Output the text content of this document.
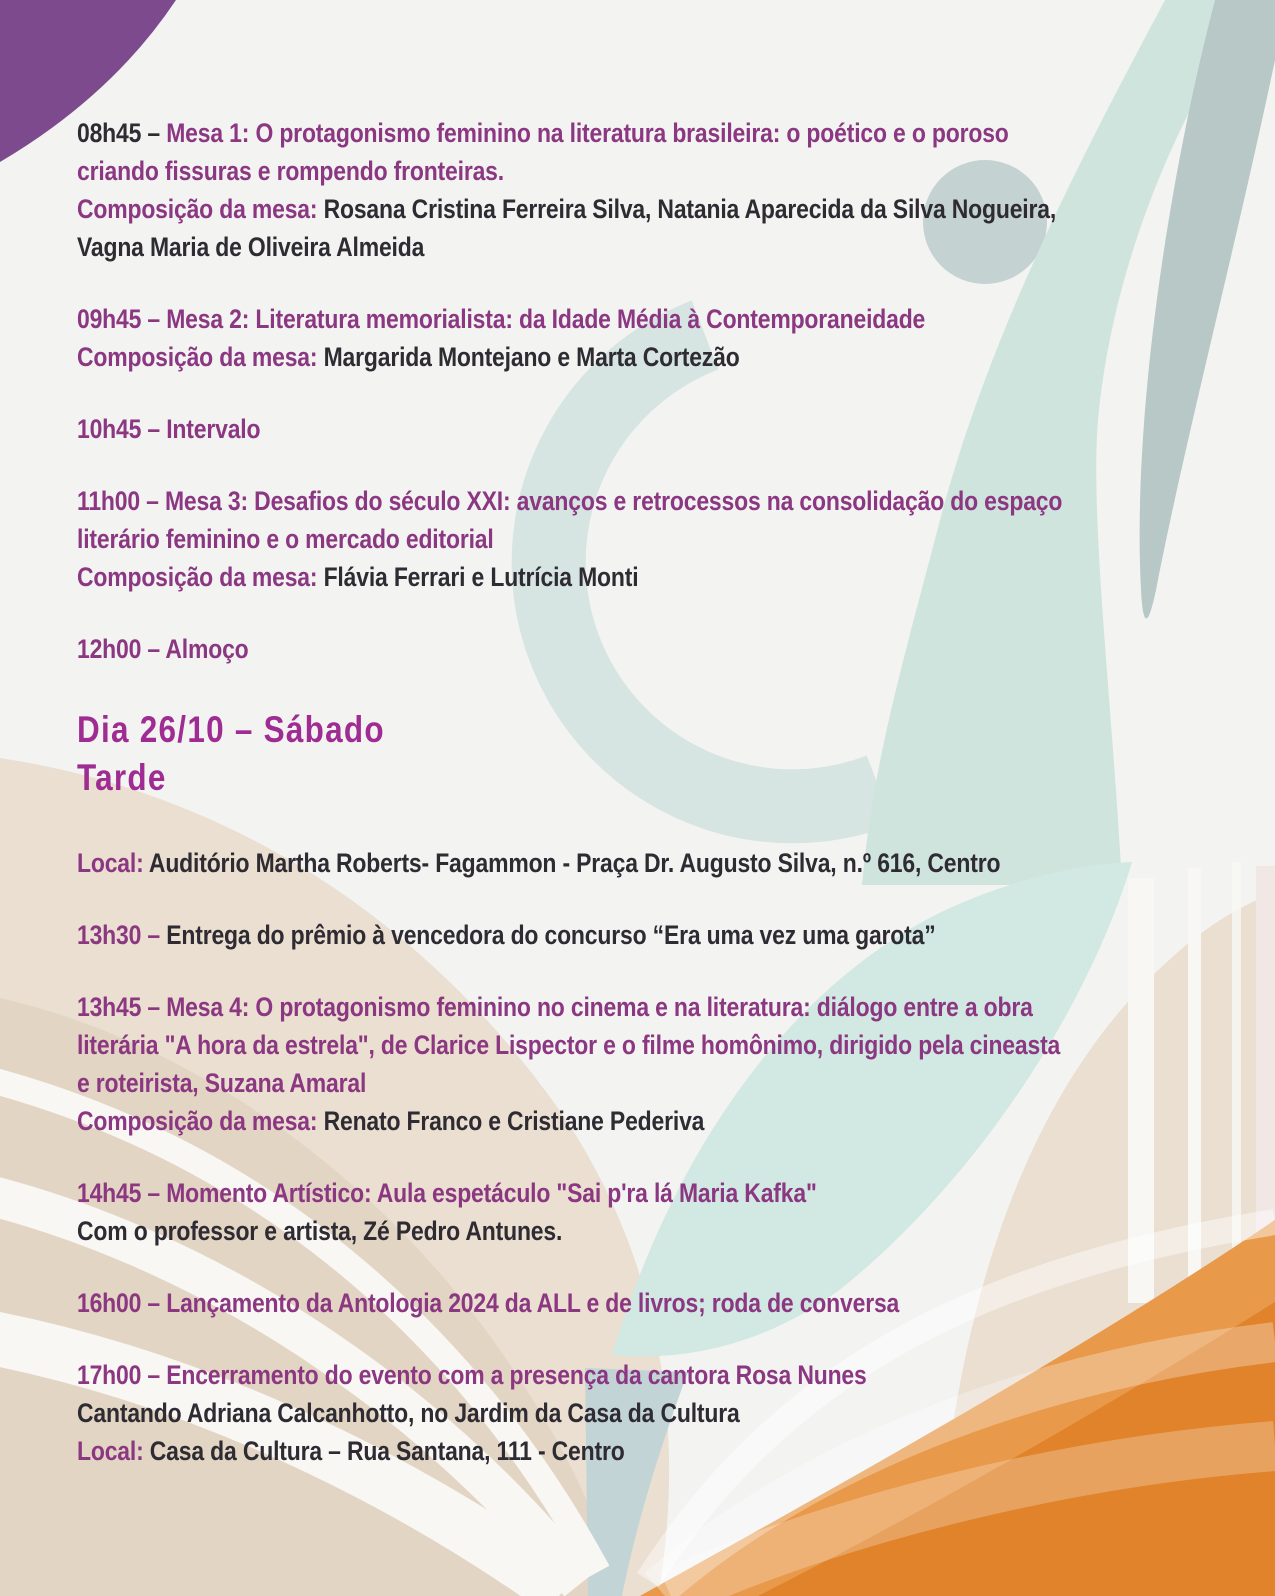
08h45 – Mesa 1: O protagonismo feminino na literatura brasileira: o poético e o poroso
criando fissuras e rompendo fronteiras.
Composição da mesa: Rosana Cristina Ferreira Silva, Natania Aparecida da Silva Nogueira,
Vagna Maria de Oliveira Almeida
09h45 – Mesa 2: Literatura memorialista: da Idade Média à Contemporaneidade
Composição da mesa: Margarida Montejano e Marta Cortezão
10h45 – Intervalo
11h00 – Mesa 3: Desafios do século XXI: avanços e retrocessos na consolidação do espaço
literário feminino e o mercado editorial
Composição da mesa: Flávia Ferrari e Lutrícia Monti
12h00 – Almoço
Dia 26/10 – Sábado
Tarde
Local: Auditório Martha Roberts- Fagammon - Praça Dr. Augusto Silva, n.º 616, Centro
13h30 – Entrega do prêmio à vencedora do concurso “Era uma vez uma garota”
13h45 – Mesa 4: O protagonismo feminino no cinema e na literatura: diálogo entre a obra
literária "A hora da estrela", de Clarice Lispector e o filme homônimo, dirigido pela cineasta
e roteirista, Suzana Amaral
Composição da mesa: Renato Franco e Cristiane Pederiva
14h45 – Momento Artístico: Aula espetáculo "Sai p'ra lá Maria Kafka"
Com o professor e artista, Zé Pedro Antunes.
16h00 – Lançamento da Antologia 2024 da ALL e de livros; roda de conversa
17h00 – Encerramento do evento com a presença da cantora Rosa Nunes
Cantando Adriana Calcanhotto, no Jardim da Casa da Cultura
Local: Casa da Cultura – Rua Santana, 111 - Centro
